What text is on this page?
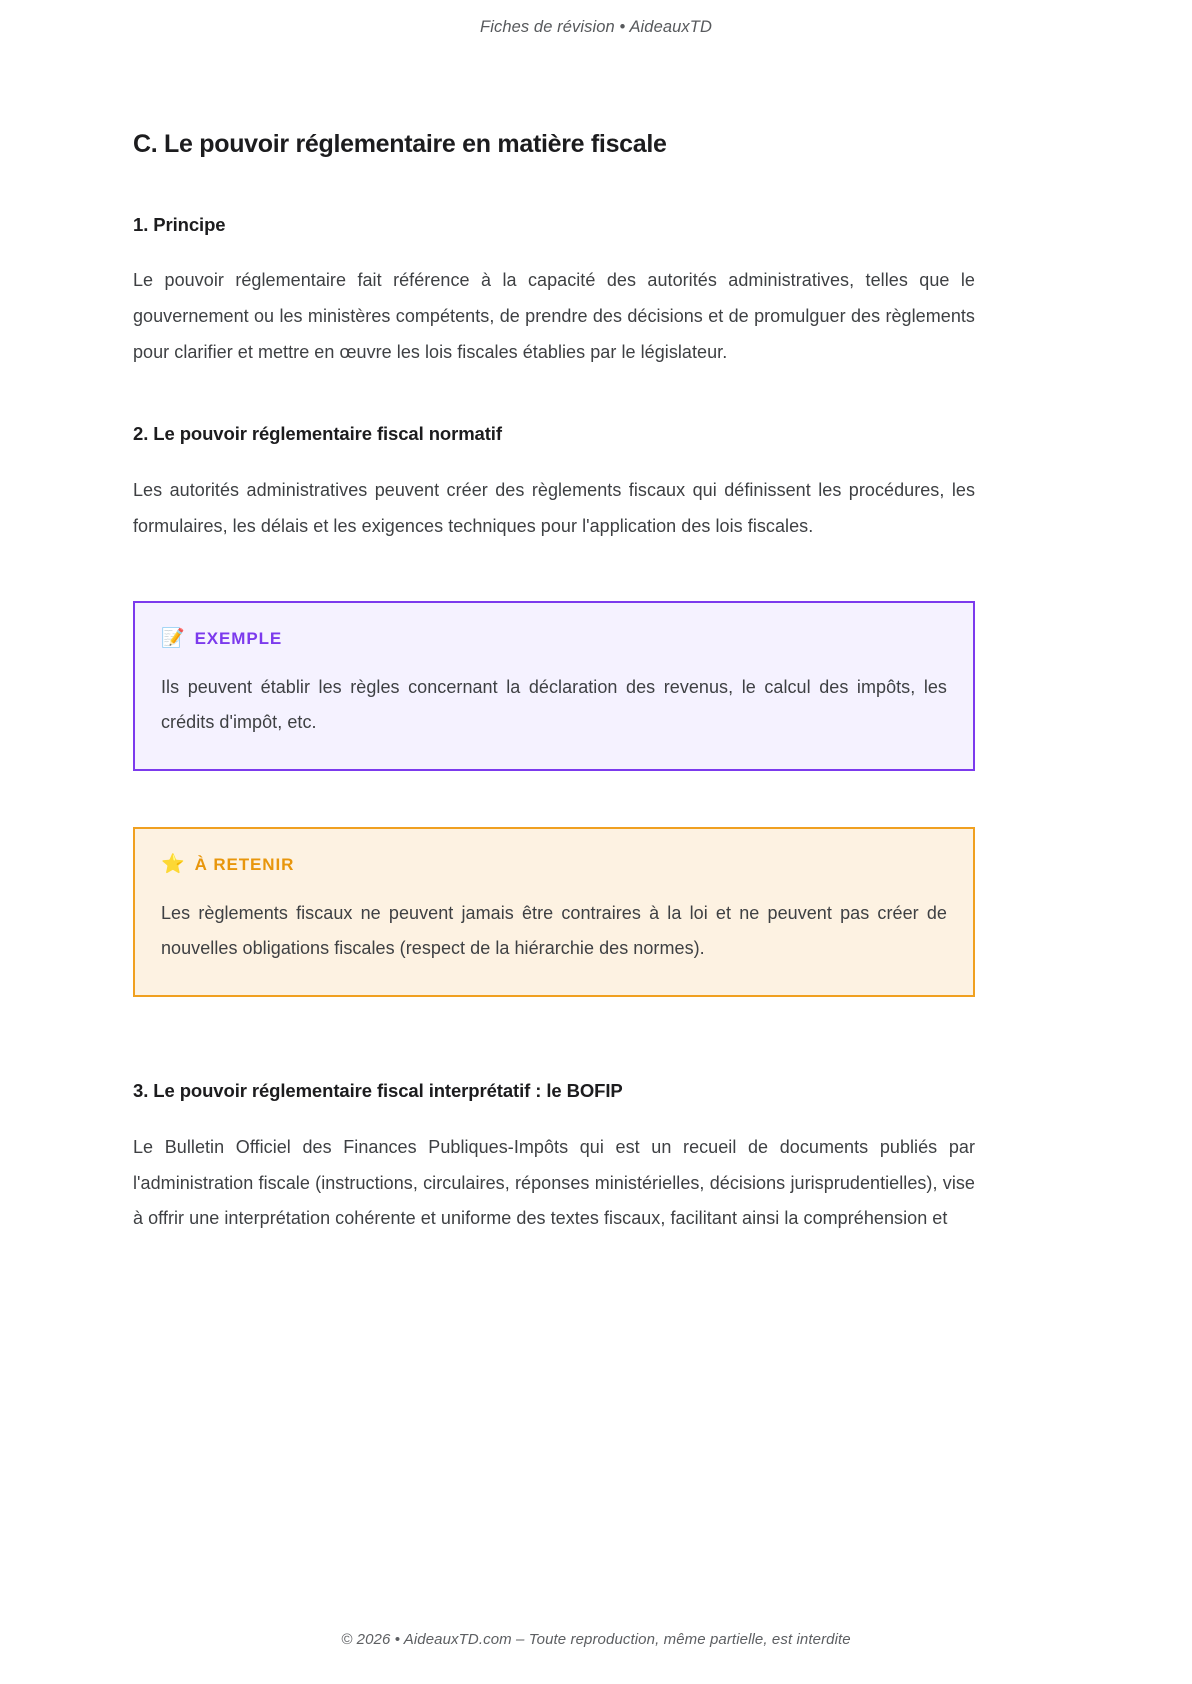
Fiches de révision • AideauxTD
C. Le pouvoir réglementaire en matière fiscale
1. Principe

Le pouvoir réglementaire fait référence à la capacité des autorités administratives, telles que le gouvernement ou les ministères compétents, de prendre des décisions et de promulguer des règlements pour clarifier et mettre en œuvre les lois fiscales établies par le législateur.

2. Le pouvoir réglementaire fiscal normatif

Les autorités administratives peuvent créer des règlements fiscaux qui définissent les procédures, les formulaires, les délais et les exigences techniques pour l'application des lois fiscales.

📝 EXEMPLE

Ils peuvent établir les règles concernant la déclaration des revenus, le calcul des impôts, les crédits d'impôt, etc.

⭐ À RETENIR

Les règlements fiscaux ne peuvent jamais être contraires à la loi et ne peuvent pas créer de nouvelles obligations fiscales (respect de la hiérarchie des normes).

3. Le pouvoir réglementaire fiscal interprétatif : le BOFIP

Le Bulletin Officiel des Finances Publiques-Impôts qui est un recueil de documents publiés par l'administration fiscale (instructions, circulaires, réponses ministérielles, décisions jurisprudentielles), vise à offrir une interprétation cohérente et uniforme des textes fiscaux, facilitant ainsi la compréhension et

© 2026 • AideauxTD.com – Toute reproduction, même partielle, est interdite
